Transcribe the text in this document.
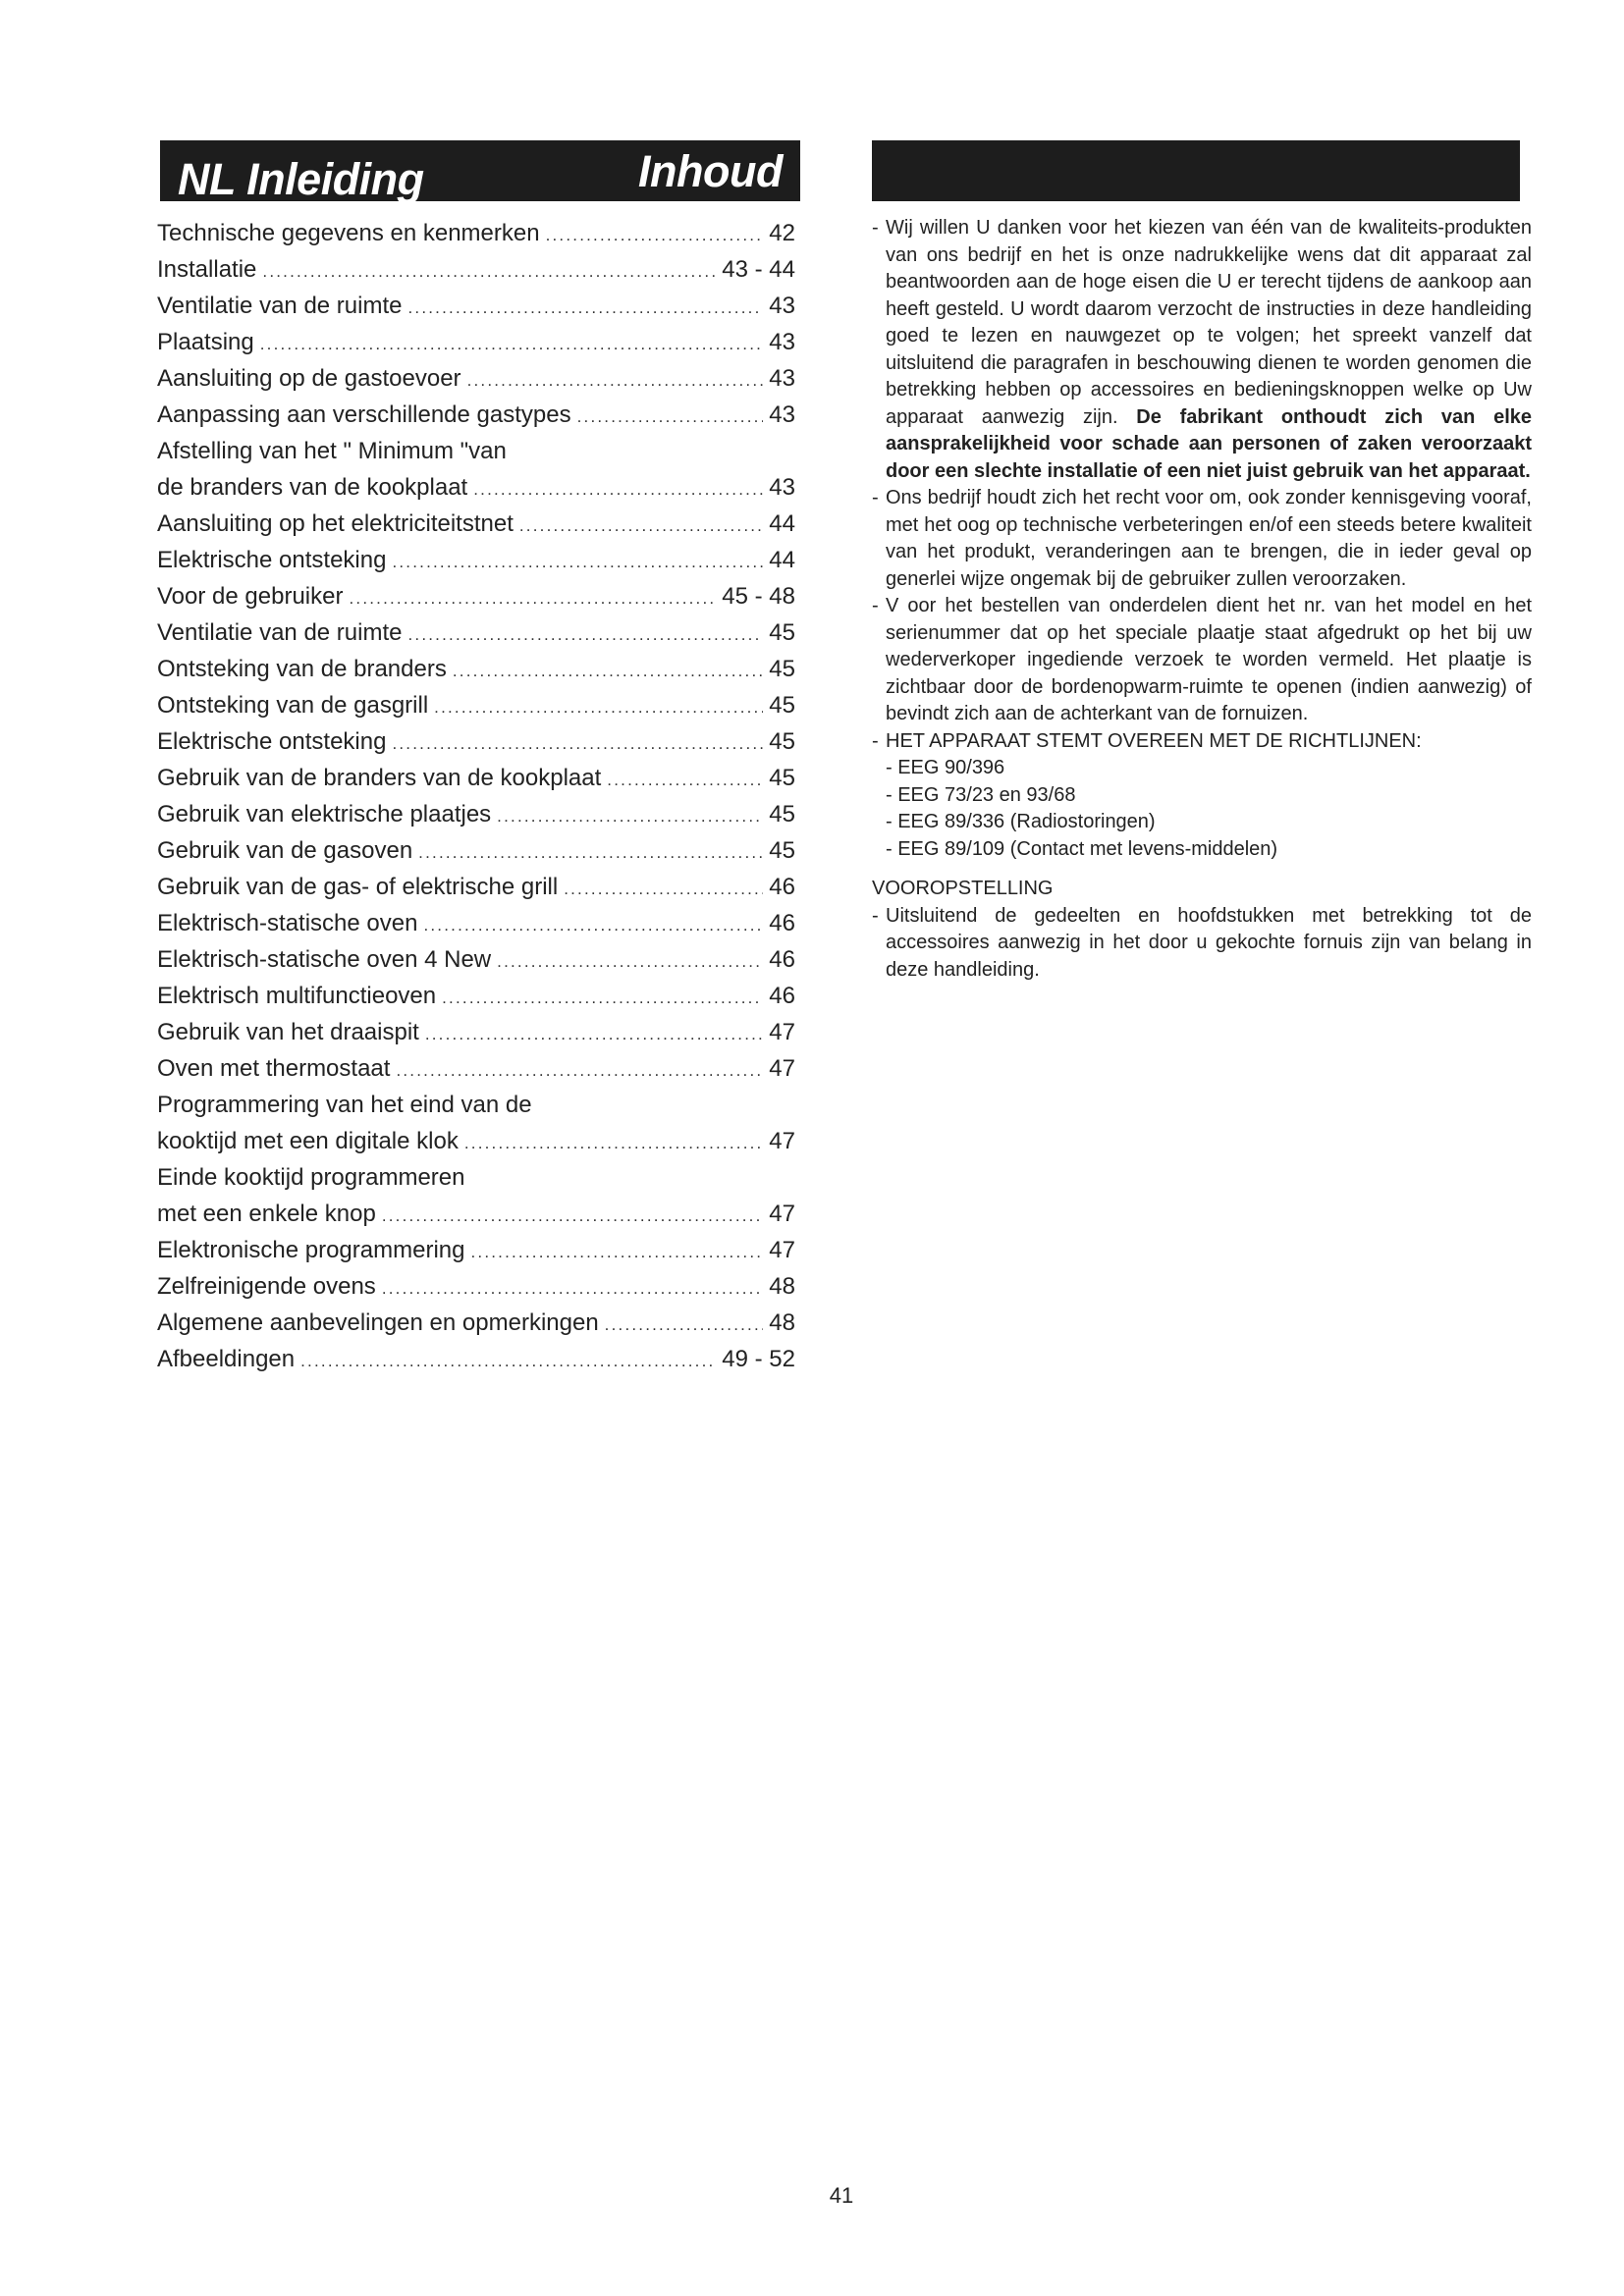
NL Inleiding	Inhoud
Technische gegevens en kenmerken .....	42
Installatie .....	43 - 44
Ventilatie van de ruimte .....	43
Plaatsing .....	43
Aansluiting op de gastoevoer .....	43
Aanpassing aan verschillende gastypes .....	43
Afstelling van het " Minimum "van
de branders van de kookplaat .....	43
Aansluiting op het elektriciteitstnet .....	44
Elektrische ontsteking .....	44
Voor de gebruiker .....	45 - 48
Ventilatie van de ruimte .....	45
Ontsteking van de branders .....	45
Ontsteking van de gasgrill .....	45
Elektrische ontsteking .....	45
Gebruik van de branders van de kookplaat .....	45
Gebruik van elektrische plaatjes .....	45
Gebruik van de gasoven .....	45
Gebruik van de gas- of elektrische grill .....	46
Elektrisch-statische oven .....	46
Elektrisch-statische oven 4 New .....	46
Elektrisch multifunctieoven .....	46
Gebruik van het draaispit .....	47
Oven met thermostaat .....	47
Programmering van het eind van de
kooktijd met een digitale klok .....	47
Einde kooktijd programmeren
met een enkele knop .....	47
Elektronische programmering .....	47
Zelfreinigende ovens .....	48
Algemene aanbevelingen en opmerkingen .....	48
Afbeeldingen .....	49 - 52
- Wij willen U danken voor het kiezen van één van de kwaliteits-produkten van ons bedrijf en het is onze nadrukkelijke wens dat dit apparaat zal beantwoorden aan de hoge eisen die U er terecht tijdens de aankoop aan heeft gesteld. U wordt daarom verzocht de instructies in deze handleiding goed te lezen en nauwgezet op te volgen; het spreekt vanzelf dat uitsluitend die paragrafen in beschouwing dienen te worden genomen die betrekking hebben op accessoires en bedieningsknoppen welke op Uw apparaat aanwezig zijn. De fabrikant onthoudt zich van elke aansprakelijkheid voor schade aan personen of zaken veroorzaakt door een slechte installatie of een niet juist gebruik van het apparaat.
- Ons bedrijf houdt zich het recht voor om, ook zonder kennisgeving vooraf, met het oog op technische verbeteringen en/of een steeds betere kwaliteit van het produkt, veranderingen aan te brengen, die in ieder geval op generlei wijze ongemak bij de gebruiker zullen veroorzaken.
- V oor het bestellen van onderdelen dient het nr. van het model en het serienummer dat op het speciale plaatje staat afgedrukt op het bij uw wederverkoper ingediende verzoek te worden vermeld. Het plaatje is zichtbaar door de bordenopwarm-ruimte te openen (indien aanwezig) of bevindt zich aan de achterkant van de fornuizen.
- HET APPARAAT STEMT OVEREEN MET DE RICHTLIJNEN:

- EEG 90/396

- EEG 73/23 en 93/68

- EEG 89/336 (Radiostoringen)

- EEG 89/109 (Contact met levens-middelen)

VOOROPSTELLING

- Uitsluitend de gedeelten en hoofdstukken met betrekking tot de accessoires aanwezig in het door u gekochte fornuis zijn van belang in deze handleiding.
41
